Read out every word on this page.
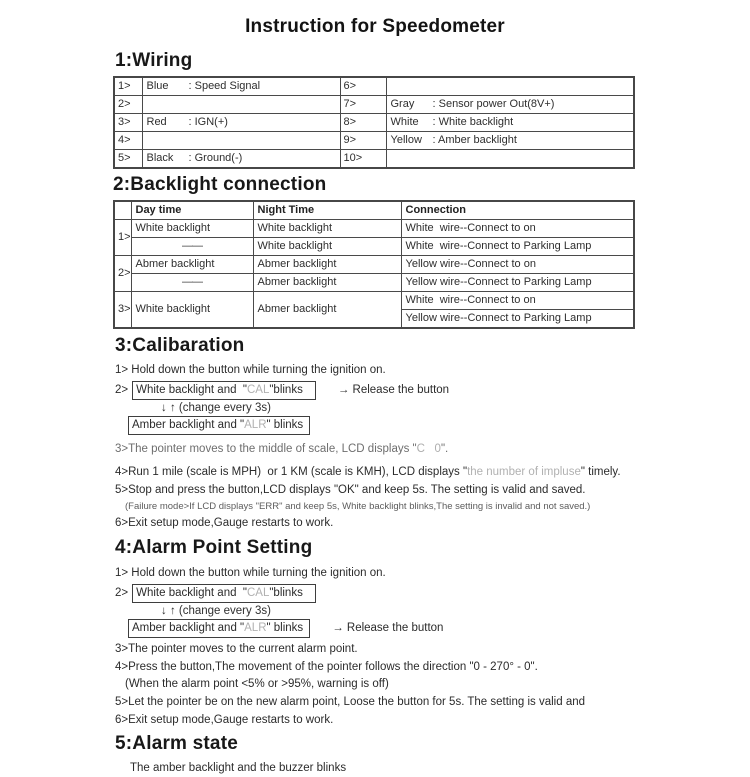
Instruction for Speedometer
1:Wiring
1>	Blue : Speed Signal	6>	
2>		7>	Gray : Sensor power Out(8V+)
3>	Red : IGN(+)	8>	White : White backlight
4>		9>	Yellow : Amber backlight
5>	Black : Ground(-)	10>	
2:Backlight connection
	Day time	Night Time	Connection
1>	White backlight	White backlight	White  wire--Connect to on
	——	White backlight	White  wire--Connect to Parking Lamp
2>	Abmer backlight	Abmer backlight	Yellow wire--Connect to on
	——	Abmer backlight	Yellow wire--Connect to Parking Lamp
3>	White backlight	Abmer backlight	White  wire--Connect to on
			Yellow wire--Connect to Parking Lamp
3:Calibaration
1> Hold down the button while turning the ignition on.
2> White backlight and  "CAL"blinks	→ Release the button
↓ ↑ (change every 3s)
Amber backlight and "ALR" blinks
3>The pointer moves to the middle of scale, LCD displays "C   0".
4>Run 1 mile (scale is MPH)  or 1 KM (scale is KMH), LCD displays "the number of impluse" timely.
5>Stop and press the button,LCD displays "OK" and keep 5s. The setting is valid and saved.
(Failure mode>If LCD displays "ERR" and keep 5s, White backlight blinks,The setting is invalid and not saved.)
6>Exit setup mode,Gauge restarts to work.
4:Alarm Point Setting
1> Hold down the button while turning the ignition on.
2> White backlight and  "CAL"blinks
↓ ↑ (change every 3s)
Amber backlight and "ALR" blinks	→ Release the button
3>The pointer moves to the current alarm point.
4>Press the button,The movement of the pointer follows the direction "0 - 270° - 0".
(When the alarm point <5% or >95%, warning is off)
5>Let the pointer be on the new alarm point, Loose the button for 5s. The setting is valid and
6>Exit setup mode,Gauge restarts to work.
5:Alarm state
The amber backlight and the buzzer blinks
